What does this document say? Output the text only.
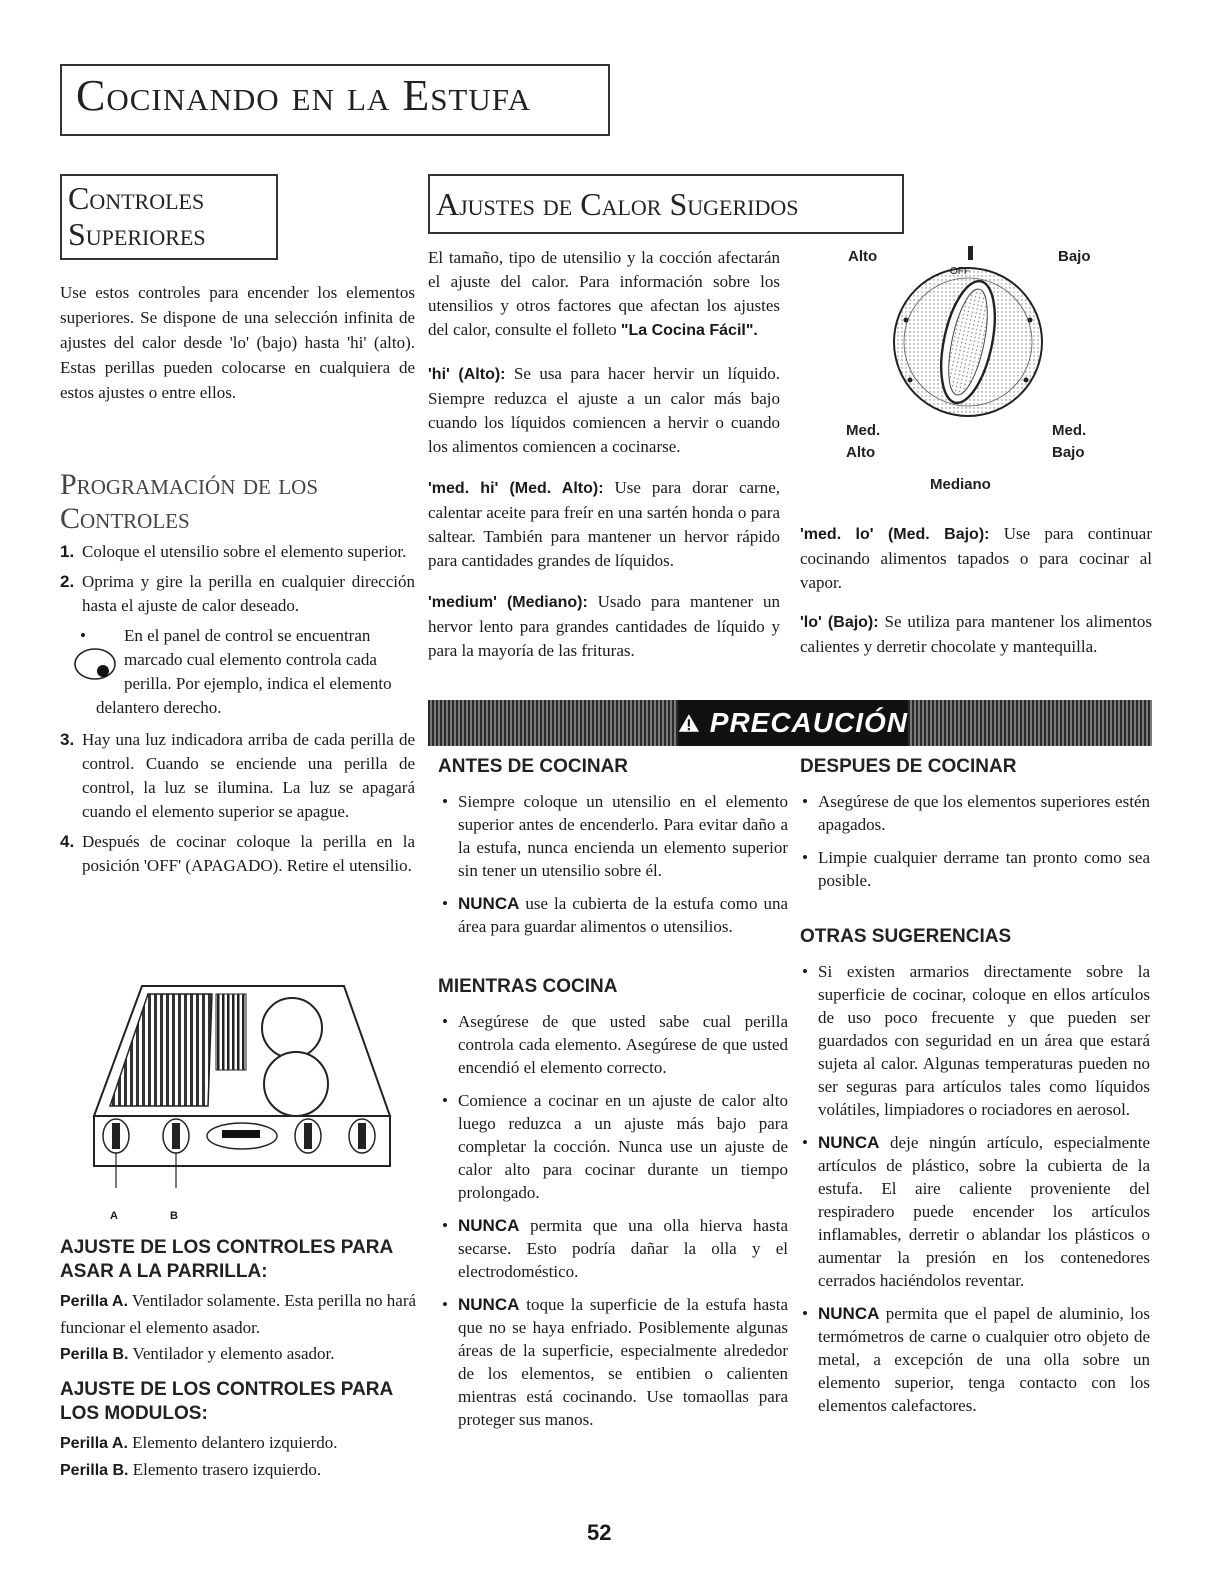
Cocinando en la Estufa
Controles
Superiores
Use estos controles para encender los elementos superiores. Se dispone de una selección infinita de ajustes del calor desde 'lo' (bajo) hasta 'hi' (alto). Estas perillas pueden colocarse en cualquiera de estos ajustes o entre ellos.
Programación de los
Controles
1. Coloque el utensilio sobre el elemento superior.
2. Oprima y gire la perilla en cualquier dirección hasta el ajuste de calor deseado.
• En el panel de control se encuentran marcado cual elemento controla cada perilla. Por ejemplo, indica el elemento delantero derecho.
3. Hay una luz indicadora arriba de cada perilla de control. Cuando se enciende una perilla de control, la luz se ilumina. La luz se apagará cuando el elemento superior se apague.
4. Después de cocinar coloque la perilla en la posición 'OFF' (APAGADO). Retire el utensilio.
A	B
AJUSTE DE LOS CONTROLES PARA ASAR A LA PARRILLA:
Perilla A. Ventilador solamente. Esta perilla no hará funcionar el elemento asador.
Perilla B. Ventilador y elemento asador.
AJUSTE DE LOS CONTROLES PARA LOS MODULOS:
Perilla A. Elemento delantero izquierdo.
Perilla B. Elemento trasero izquierdo.
Ajustes de Calor Sugeridos
El tamaño, tipo de utensilio y la cocción afectarán el ajuste del calor. Para información sobre los utensilios y otros factores que afectan los ajustes del calor, consulte el folleto "La Cocina Fácil".
'hi' (Alto): Se usa para hacer hervir un líquido. Siempre reduzca el ajuste a un calor más bajo cuando los líquidos comiencen a hervir o cuando los alimentos comiencen a cocinarse.
'med. hi' (Med. Alto): Use para dorar carne, calentar aceite para freír en una sartén honda o para saltear. También para mantener un hervor rápido para cantidades grandes de líquidos.
'medium' (Mediano): Usado para mantener un hervor lento para grandes cantidades de líquido y para la mayoría de las frituras.
Alto	Bajo
OFF
Med.
Alto
Med.
Bajo
Mediano
'med. lo' (Med. Bajo): Use para continuar cocinando alimentos tapados o para cocinar al vapor.
'lo' (Bajo): Se utiliza para mantener los alimentos calientes y derretir chocolate y mantequilla.
PRECAUCIÓN
ANTES DE COCINAR
• Siempre coloque un utensilio en el elemento superior antes de encenderlo. Para evitar daño a la estufa, nunca encienda un elemento superior sin tener un utensilio sobre él.
• NUNCA use la cubierta de la estufa como una área para guardar alimentos o utensilios.
MIENTRAS COCINA
• Asegúrese de que usted sabe cual perilla controla cada elemento. Asegúrese de que usted encendió el elemento correcto.
• Comience a cocinar en un ajuste de calor alto luego reduzca a un ajuste más bajo para completar la cocción. Nunca use un ajuste de calor alto para cocinar durante un tiempo prolongado.
• NUNCA permita que una olla hierva hasta secarse. Esto podría dañar la olla y el electrodoméstico.
• NUNCA toque la superficie de la estufa hasta que no se haya enfriado. Posiblemente algunas áreas de la superficie, especialmente alrededor de los elementos, se entibien o calienten mientras está cocinando. Use tomaollas para proteger sus manos.
DESPUES DE COCINAR
• Asegúrese de que los elementos superiores estén apagados.
• Limpie cualquier derrame tan pronto como sea posible.
OTRAS SUGERENCIAS
• Si existen armarios directamente sobre la superficie de cocinar, coloque en ellos artículos de uso poco frecuente y que pueden ser guardados con seguridad en un área que estará sujeta al calor. Algunas temperaturas pueden no ser seguras para artículos tales como líquidos volátiles, limpiadores o rociadores en aerosol.
• NUNCA deje ningún artículo, especialmente artículos de plástico, sobre la cubierta de la estufa. El aire caliente proveniente del respiradero puede encender los artículos inflamables, derretir o ablandar los plásticos o aumentar la presión en los contenedores cerrados haciéndolos reventar.
• NUNCA permita que el papel de aluminio, los termómetros de carne o cualquier otro objeto de metal, a excepción de una olla sobre un elemento superior, tenga contacto con los elementos calefactores.
52
